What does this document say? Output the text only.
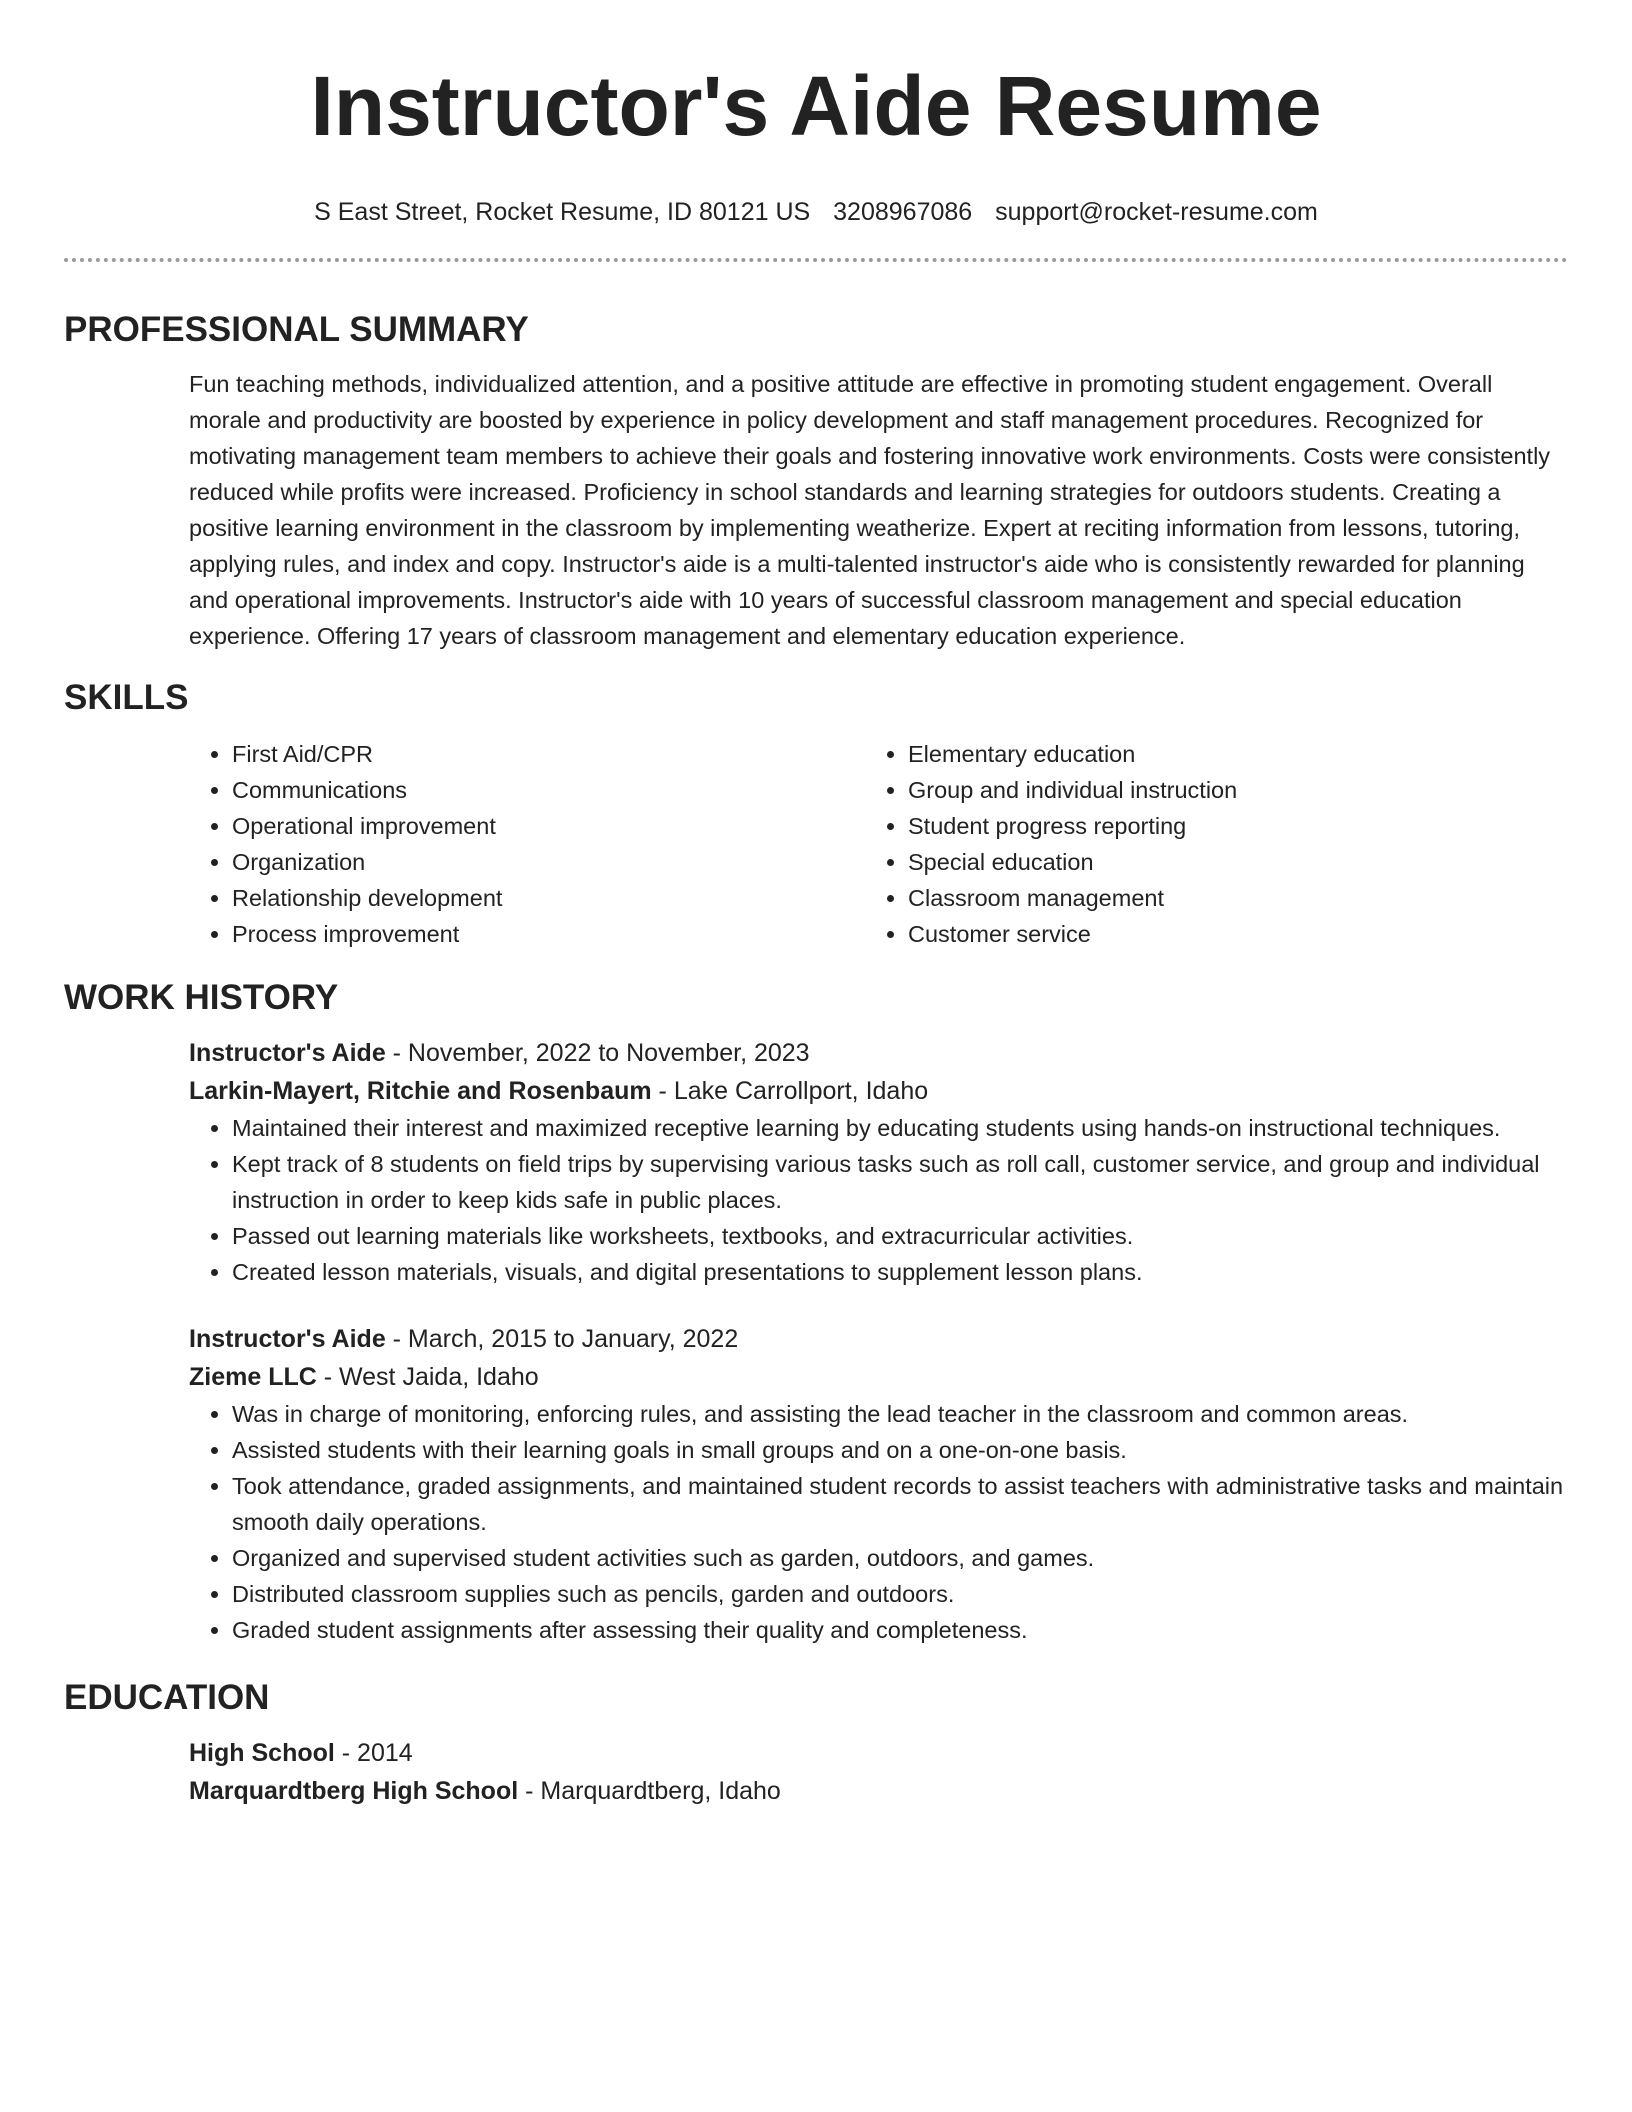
Instructor's Aide Resume
S East Street, Rocket Resume, ID 80121 US 3208967086 support@rocket-resume.com
PROFESSIONAL SUMMARY

Fun teaching methods, individualized attention, and a positive attitude are effective in promoting student engagement. Overall morale and productivity are boosted by experience in policy development and staff management procedures. Recognized for motivating management team members to achieve their goals and fostering innovative work environments. Costs were consistently reduced while profits were increased. Proficiency in school standards and learning strategies for outdoors students. Creating a positive learning environment in the classroom by implementing weatherize. Expert at reciting information from lessons, tutoring, applying rules, and index and copy. Instructor's aide is a multi-talented instructor's aide who is consistently rewarded for planning and operational improvements. Instructor's aide with 10 years of successful classroom management and special education experience. Offering 17 years of classroom management and elementary education experience.

SKILLS
• First Aid/CPR
• Communications
• Operational improvement
• Organization
• Relationship development
• Process improvement
• Elementary education
• Group and individual instruction
• Student progress reporting
• Special education
• Classroom management
• Customer service
WORK HISTORY
Instructor's Aide - November, 2022 to November, 2023
Larkin-Mayert, Ritchie and Rosenbaum - Lake Carrollport, Idaho
• Maintained their interest and maximized receptive learning by educating students using hands-on instructional techniques.
• Kept track of 8 students on field trips by supervising various tasks such as roll call, customer service, and group and individual instruction in order to keep kids safe in public places.
• Passed out learning materials like worksheets, textbooks, and extracurricular activities.
• Created lesson materials, visuals, and digital presentations to supplement lesson plans.
Instructor's Aide - March, 2015 to January, 2022
Zieme LLC - West Jaida, Idaho
• Was in charge of monitoring, enforcing rules, and assisting the lead teacher in the classroom and common areas.
• Assisted students with their learning goals in small groups and on a one-on-one basis.
• Took attendance, graded assignments, and maintained student records to assist teachers with administrative tasks and maintain smooth daily operations.
• Organized and supervised student activities such as garden, outdoors, and games.
• Distributed classroom supplies such as pencils, garden and outdoors.
• Graded student assignments after assessing their quality and completeness.
EDUCATION
High School - 2014
Marquardtberg High School - Marquardtberg, Idaho
